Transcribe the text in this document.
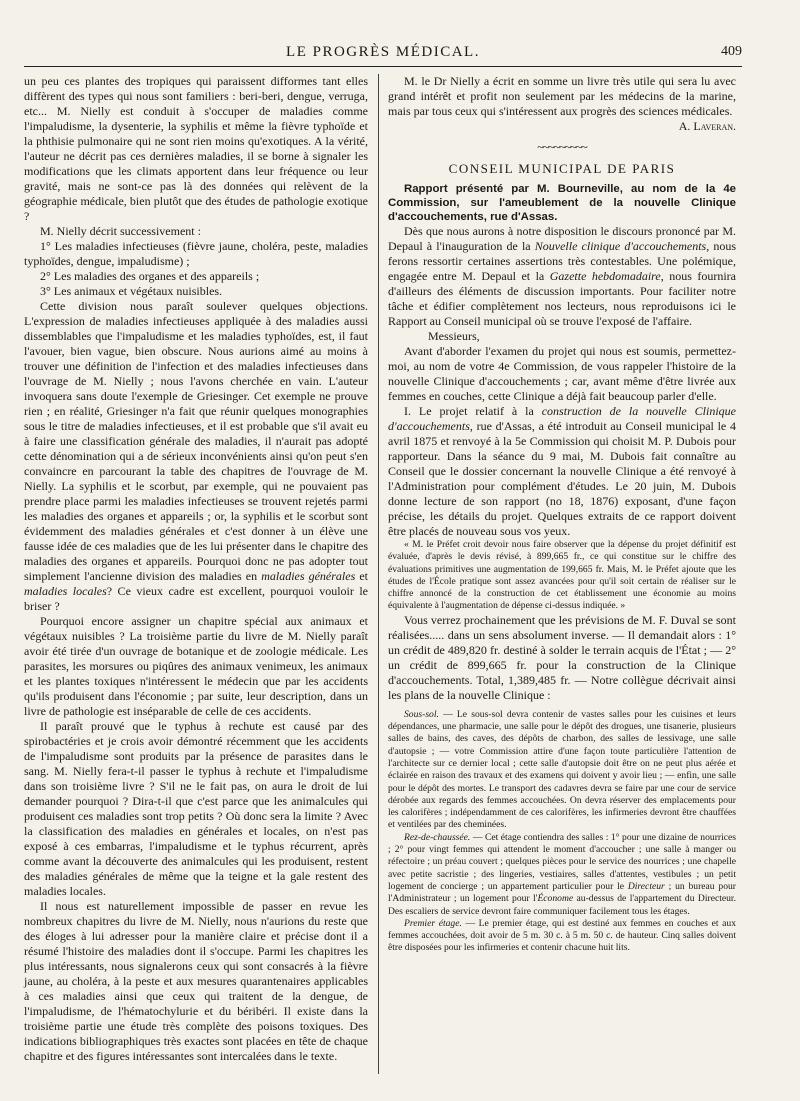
LE PROGRÈS MÉDICAL.	409

un peu ces plantes des tropiques qui paraissent difformes tant elles diffèrent des types qui nous sont familiers : beri-beri, dengue, verruga, etc... M. Nielly est conduit à s'occuper de maladies comme l'impaludisme, la dysenterie, la syphilis et même la fièvre typhoïde et la phthisie pulmonaire qui ne sont rien moins qu'exotiques. A la vérité, l'auteur ne décrit pas ces dernières maladies, il se borne à signaler les modifications que les climats apportent dans leur fréquence ou leur gravité, mais ne sont-ce pas là des données qui relèvent de la géographie médicale, bien plutôt que des études de pathologie exotique ?

M. Nielly décrit successivement :

1° Les maladies infectieuses (fièvre jaune, choléra, peste, maladies typhoïdes, dengue, impaludisme) ;

2° Les maladies des organes et des appareils ;

3° Les animaux et végétaux nuisibles.

Cette division nous paraît soulever quelques objections. L'expression de maladies infectieuses appliquée à des maladies aussi dissemblables que l'impaludisme et les maladies typhoïdes, est, il faut l'avouer, bien vague, bien obscure. Nous aurions aimé au moins à trouver une définition de l'infection et des maladies infectieuses dans l'ouvrage de M. Nielly ; nous l'avons cherchée en vain. L'auteur invoquera sans doute l'exemple de Griesinger. Cet exemple ne prouve rien ; en réalité, Griesinger n'a fait que réunir quelques monographies sous le titre de maladies infectieuses, et il est probable que s'il avait eu à faire une classification générale des maladies, il n'aurait pas adopté cette dénomination qui a de sérieux inconvénients ainsi qu'on peut s'en convaincre en parcourant la table des chapitres de l'ouvrage de M. Nielly. La syphilis et le scorbut, par exemple, qui ne pouvaient pas prendre place parmi les maladies infectieuses se trouvent rejetés parmi les maladies des organes et appareils ; or, la syphilis et le scorbut sont évidemment des maladies générales et c'est donner à un élève une fausse idée de ces maladies que de les lui présenter dans le chapitre des maladies des organes et appareils. Pourquoi donc ne pas adopter tout simplement l'ancienne division des maladies en maladies générales et maladies locales? Ce vieux cadre est excellent, pourquoi vouloir le briser ?

Pourquoi encore assigner un chapitre spécial aux animaux et végétaux nuisibles ? La troisième partie du livre de M. Nielly paraît avoir été tirée d'un ouvrage de botanique et de zoologie médicale. Les parasites, les morsures ou piqûres des animaux venimeux, les animaux et les plantes toxiques n'intéressent le médecin que par les accidents qu'ils produisent dans l'économie ; par suite, leur description, dans un livre de pathologie est inséparable de celle de ces accidents.

Il paraît prouvé que le typhus à rechute est causé par des spirobactéries et je crois avoir démontré récemment que les accidents de l'impaludisme sont produits par la présence de parasites dans le sang. M. Nielly fera-t-il passer le typhus à rechute et l'impaludisme dans son troisième livre ? S'il ne le fait pas, on aura le droit de lui demander pourquoi ? Dira-t-il que c'est parce que les animalcules qui produisent ces maladies sont trop petits ? Où donc sera la limite ? Avec la classification des maladies en générales et locales, on n'est pas exposé à ces embarras, l'impaludisme et le typhus récurrent, après comme avant la découverte des animalcules qui les produisent, restent des maladies générales de même que la teigne et la gale restent des maladies locales.

Il nous est naturellement impossible de passer en revue les nombreux chapitres du livre de M. Nielly, nous n'aurions du reste que des éloges à lui adresser pour la manière claire et précise dont il a résumé l'histoire des maladies dont il s'occupe. Parmi les chapitres les plus intéressants, nous signalerons ceux qui sont consacrés à la fièvre jaune, au choléra, à la peste et aux mesures quarantenaires applicables à ces maladies ainsi que ceux qui traitent de la dengue, de l'impaludisme, de l'hématochylurie et du béribéri. Il existe dans la troisième partie une étude très complète des poisons toxiques. Des indications bibliographiques très exactes sont placées en tête de chaque chapitre et des figures intéressantes sont intercalées dans le texte.

M. le Dr Nielly a écrit en somme un livre très utile qui sera lu avec grand intérêt et profit non seulement par les médecins de la marine, mais par tous ceux qui s'intéressent aux progrès des sciences médicales.

A. Laveran.

~~~~~~~~~
CONSEIL MUNICIPAL DE PARIS

Rapport présenté par M. Bourneville, au nom de la 4e Commission, sur l'ameublement de la nouvelle Clinique d'accouchements, rue d'Assas.

Dès que nous aurons à notre disposition le discours prononcé par M. Depaul à l'inauguration de la Nouvelle clinique d'accouchements, nous ferons ressortir certaines assertions très contestables. Une polémique, engagée entre M. Depaul et la Gazette hebdomadaire, nous fournira d'ailleurs des éléments de discussion importants. Pour faciliter notre tâche et édifier complètement nos lecteurs, nous reproduisons ici le Rapport au Conseil municipal où se trouve l'exposé de l'affaire.

Messieurs,

Avant d'aborder l'examen du projet qui nous est soumis, permettez-moi, au nom de votre 4e Commission, de vous rappeler l'histoire de la nouvelle Clinique d'accouchements ; car, avant même d'être livrée aux femmes en couches, cette Clinique a déjà fait beaucoup parler d'elle.

I. Le projet relatif à la construction de la nouvelle Clinique d'accouchements, rue d'Assas, a été introduit au Conseil municipal le 4 avril 1875 et renvoyé à la 5e Commission qui choisit M. P. Dubois pour rapporteur. Dans la séance du 9 mai, M. Dubois fait connaître au Conseil que le dossier concernant la nouvelle Clinique a été renvoyé à l'Administration pour complément d'études. Le 20 juin, M. Dubois donne lecture de son rapport (no 18, 1876) exposant, d'une façon précise, les détails du projet. Quelques extraits de ce rapport doivent être placés de nouveau sous vos yeux.

« M. le Préfet croit devoir nous faire observer que la dépense du projet définitif est évaluée, d'après le devis révisé, à 899,665 fr., ce qui constitue sur le chiffre des évaluations primitives une augmentation de 199,665 fr. Mais, M. le Préfet ajoute que les études de l'École pratique sont assez avancées pour qu'il soit certain de réaliser sur le chiffre annoncé de la construction de cet établissement une économie au moins équivalente à l'augmentation de dépense ci-dessus indiquée. »

Vous verrez prochainement que les prévisions de M. F. Duval se sont réalisées..... dans un sens absolument inverse. — Il demandait alors : 1° un crédit de 489,820 fr. destiné à solder le terrain acquis de l'État ; — 2° un crédit de 899,665 fr. pour la construction de la Clinique d'accouchements. Total, 1,389,485 fr. — Notre collègue décrivait ainsi les plans de la nouvelle Clinique :

Sous-sol. — Le sous-sol devra contenir de vastes salles pour les cuisines et leurs dépendances, une pharmacie, une salle pour le dépôt des drogues, une tisanerie, plusieurs salles de bains, des caves, des dépôts de charbon, des salles de lessivage, une salle d'autopsie ; — votre Commission attire d'une façon toute particulière l'attention de l'architecte sur ce dernier local ; cette salle d'autopsie doit être on ne peut plus aérée et éclairée en raison des travaux et des examens qui doivent y avoir lieu ; — enfin, une salle pour le dépôt des mortes. Le transport des cadavres devra se faire par une cour de service dérobée aux regards des femmes accouchées. On devra réserver des emplacements pour les calorifères ; indépendamment de ces calorifères, les infirmeries devront être chauffées et ventilées par des cheminées.

Rez-de-chaussée. — Cet étage contiendra des salles : 1° pour une dizaine de nourrices ; 2° pour vingt femmes qui attendent le moment d'accoucher ; une salle à manger ou réfectoire ; un préau couvert ; quelques pièces pour le service des nourrices ; une chapelle avec petite sacristie ; des lingeries, vestiaires, salles d'attentes, vestibules ; un petit logement de concierge ; un appartement particulier pour le Directeur ; un bureau pour l'Administrateur ; un logement pour l'Économe au-dessus de l'appartement du Directeur. Des escaliers de service devront faire communiquer facilement tous les étages.

Premier étage. — Le premier étage, qui est destiné aux femmes en couches et aux femmes accouchées, doit avoir de 5 m. 30 c. à 5 m. 50 c. de hauteur. Cinq salles doivent être disposées pour les infirmeries et contenir chacune huit lits.
